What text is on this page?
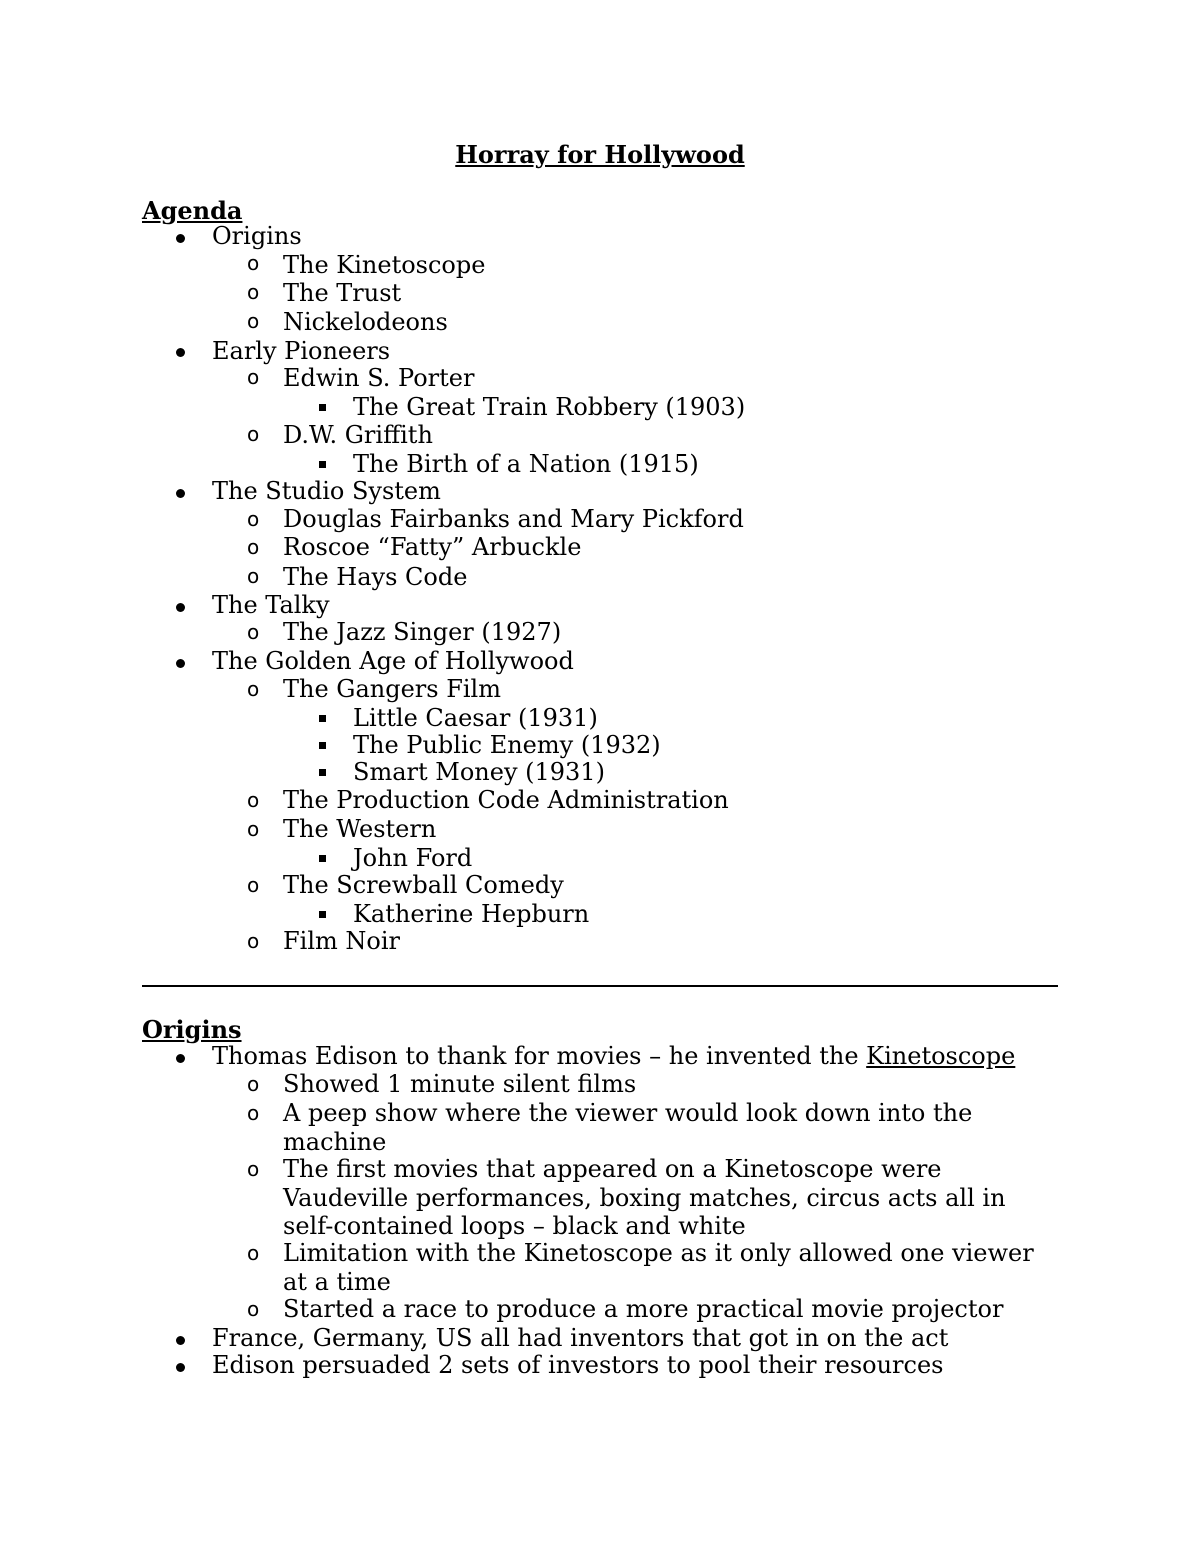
Horray for Hollywood
Agenda
Origins
o The Kinetoscope
o The Trust
o Nickelodeons
Early Pioneers
o Edwin S. Porter
The Great Train Robbery (1903)
o D.W. Griffith
The Birth of a Nation (1915)
The Studio System
o Douglas Fairbanks and Mary Pickford
o Roscoe “Fatty” Arbuckle
o The Hays Code
The Talky
o The Jazz Singer (1927)
The Golden Age of Hollywood
o The Gangers Film
Little Caesar (1931)
The Public Enemy (1932)
Smart Money (1931)
o The Production Code Administration
o The Western
John Ford
o The Screwball Comedy
Katherine Hepburn
o Film Noir
Origins
Thomas Edison to thank for movies – he invented the Kinetoscope
o Showed 1 minute silent films
o A peep show where the viewer would look down into the machine
o The first movies that appeared on a Kinetoscope were Vaudeville performances, boxing matches, circus acts all in self-contained loops – black and white
o Limitation with the Kinetoscope as it only allowed one viewer at a time
o Started a race to produce a more practical movie projector
France, Germany, US all had inventors that got in on the act
Edison persuaded 2 sets of investors to pool their resources
